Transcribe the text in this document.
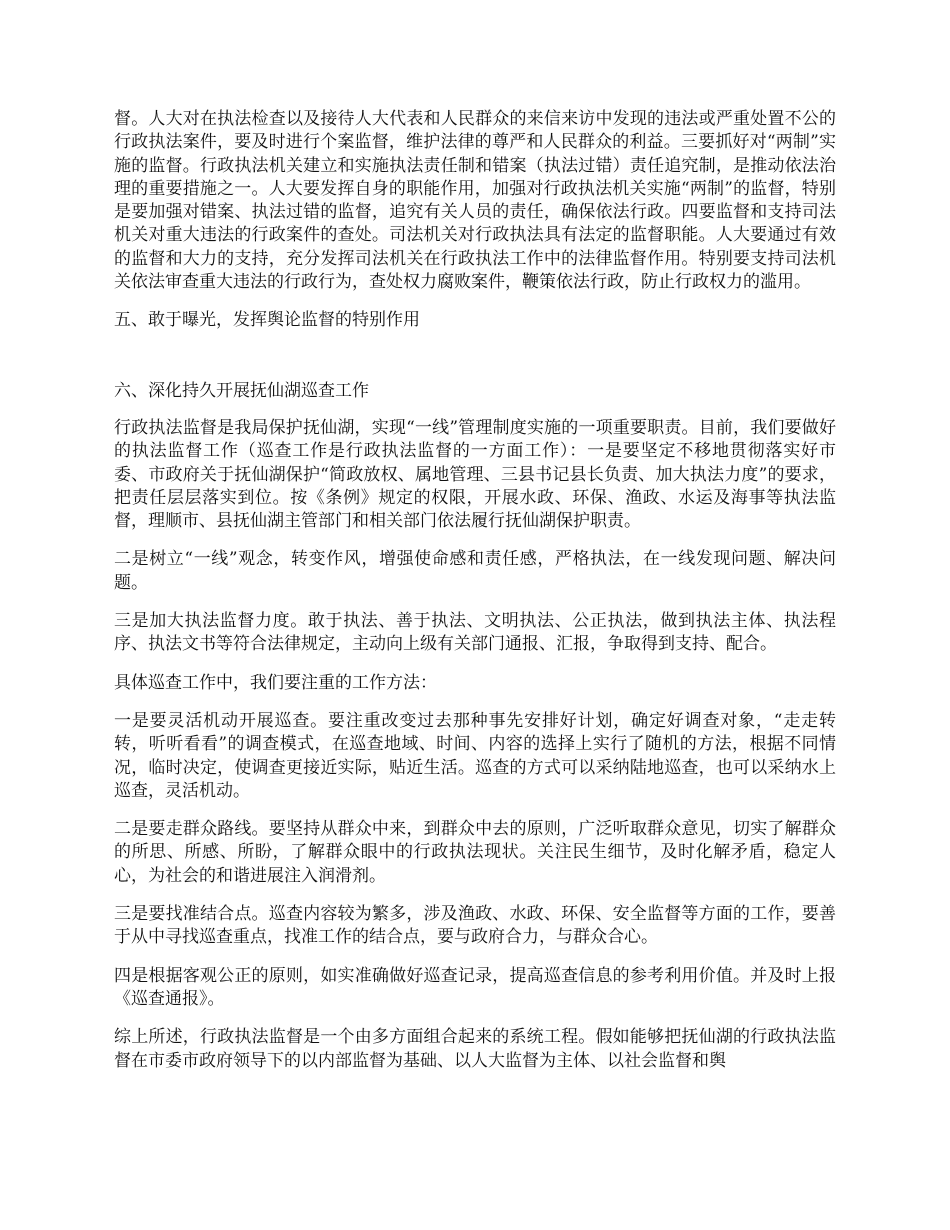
督。人大对在执法检查以及接待人大代表和人民群众的来信来访中发现的违法或严重处置不公的行政执法案件，要及时进行个案监督，维护法律的尊严和人民群众的利益。三要抓好对“两制”实施的监督。行政执法机关建立和实施执法责任制和错案（执法过错）责任追究制，是推动依法治理的重要措施之一。人大要发挥自身的职能作用，加强对行政执法机关实施“两制”的监督，特别是要加强对错案、执法过错的监督，追究有关人员的责任，确保依法行政。四要监督和支持司法机关对重大违法的行政案件的查处。司法机关对行政执法具有法定的监督职能。人大要通过有效的监督和大力的支持，充分发挥司法机关在行政执法工作中的法律监督作用。特别要支持司法机关依法审查重大违法的行政行为，查处权力腐败案件，鞭策依法行政，防止行政权力的滥用。

五、敢于曝光，发挥舆论监督的特别作用

六、深化持久开展抚仙湖巡查工作

行政执法监督是我局保护抚仙湖，实现“一线”管理制度实施的一项重要职责。目前，我们要做好的执法监督工作（巡查工作是行政执法监督的一方面工作）：一是要坚定不移地贯彻落实好市委、市政府关于抚仙湖保护“简政放权、属地管理、三县书记县长负责、加大执法力度”的要求，把责任层层落实到位。按《条例》规定的权限，开展水政、环保、渔政、水运及海事等执法监督，理顺市、县抚仙湖主管部门和相关部门依法履行抚仙湖保护职责。

二是树立“一线”观念，转变作风，增强使命感和责任感，严格执法，在一线发现问题、解决问题。

三是加大执法监督力度。敢于执法、善于执法、文明执法、公正执法，做到执法主体、执法程序、执法文书等符合法律规定，主动向上级有关部门通报、汇报，争取得到支持、配合。

具体巡查工作中，我们要注重的工作方法：

一是要灵活机动开展巡查。要注重改变过去那种事先安排好计划，确定好调查对象，“走走转转，听听看看”的调查模式，在巡查地域、时间、内容的选择上实行了随机的方法，根据不同情况，临时决定，使调查更接近实际，贴近生活。巡查的方式可以采纳陆地巡查，也可以采纳水上巡查，灵活机动。

二是要走群众路线。要坚持从群众中来，到群众中去的原则，广泛听取群众意见，切实了解群众的所思、所感、所盼，了解群众眼中的行政执法现状。关注民生细节，及时化解矛盾，稳定人心，为社会的和谐进展注入润滑剂。

三是要找准结合点。巡查内容较为繁多，涉及渔政、水政、环保、安全监督等方面的工作，要善于从中寻找巡查重点，找准工作的结合点，要与政府合力，与群众合心。

四是根据客观公正的原则，如实准确做好巡查记录，提高巡查信息的参考利用价值。并及时上报《巡查通报》。

综上所述，行政执法监督是一个由多方面组合起来的系统工程。假如能够把抚仙湖的行政执法监督在市委市政府领导下的以内部监督为基础、以人大监督为主体、以社会监督和舆
